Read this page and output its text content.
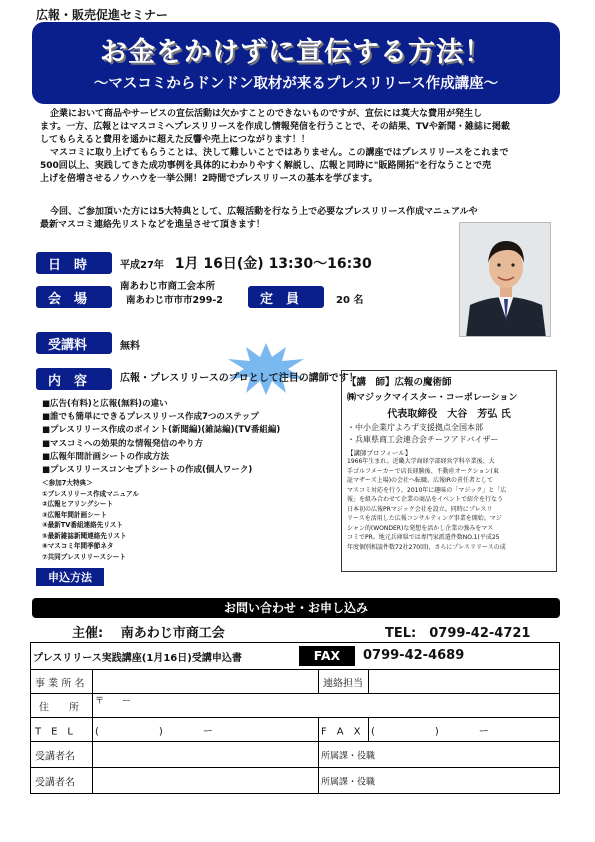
広報・販売促進セミナー
お金をかけずに宣伝する方法！
～マスコミからドンドン取材が来るプレスリリース作成講座～

企業において商品やサービスの宣伝活動は欠かすことのできないものですが、宣伝には莫大な費用が発生し

ます。一方、広報とはマスコミへプレスリリースを作成し情報発信を行うことで、その結果、TVや新聞・雑誌に掲載

してもらえると費用を遥かに超えた反響や売上につながります！！

マスコミに取り上げてもらうことは、決して難しいことではありません。この講座ではプレスリリースをこれまで

500回以上、実践してきた成功事例を具体的にわかりやすく解説し、広報と同時に"販路開拓"を行なうことで売

上げを倍増させるノウハウを一挙公開！2時間でプレスリリースの基本を学びます。

今回、ご参加頂いた方には5大特典として、広報活動を行なう上で必要なプレスリリース作成マニュアルや

最新マスコミ連絡先リストなどを進呈させて頂きます！

日　時	平成27年 1月 16日(金) 13:30～16:30
会　場

南あわじ市商工会本所

南あわじ市市市299-2	定　員	20 名
受講料	無料
内　容	広報・プレスリリースのプロとして注目の講師です！

■広告(有料)と広報(無料)の違い

■誰でも簡単にできるプレスリリース作成7つのステップ

■プレスリリース作成のポイント(新聞編)(雑誌編)(TV番組編)

■マスコミへの効果的な情報発信のやり方

■広報年間計画シートの作成方法

■プレスリリースコンセプトシートの作成(個人ワーク)

＜参加7大特典＞

①プレスリリース作成マニュアル

②広報ヒアリングシート

③広報年間計画シート

④最新TV番組連絡先リスト

⑤最新雑誌新聞連絡先リスト

⑥マスコミ年間季節ネタ

⑦共同プレスリリースシート

【講　師】広報の魔術師
㈱マジックマイスター・コーポレーション
代表取締役　大谷　芳弘 氏
・中小企業庁よろず支援拠点全国本部
・兵庫県商工会連合会チーフアドバイザー
【講師プロフィール】
1966年生まれ。近畿大学商経学部経営学科卒業後、大
手ゴルフメーカーで店長経験後、不動産オークション(東
証マザーズ上場)の会社へ転職。広報IRの責任者として
マスコミ対応を行う。2010年に趣味の「マジック」と「広
報」を組み合わせて企業の商品をイベントで紹介を行なう
日本初の広報PRマジック会社を設立。同時にプレスリ
リースを活用した広報コンサルティング事業を開始。マジ
シャン的(WONDER)な発想を活かし企業の強みをマス
コミでPR。地元兵庫県では専門家派遣件数NO.1(平成25
年度個別相談件数72社270回)、さらにプレスリリースの成
申込方法
お問い合わせ・お申し込み
主催:　 南あわじ市商工会	TEL:　0799-42-4721
プレスリリース実践講座(1月16日)受講申込書	FAX	0799-42-4689
事 業 所 名	連絡担当
住　　所
〒　　ー
T　E　L (　　　　　　)　　　　ー	F　A　X (　　　　　　)　　　　ー
受講者名	所属課・役職
受講者名	所属課・役職
